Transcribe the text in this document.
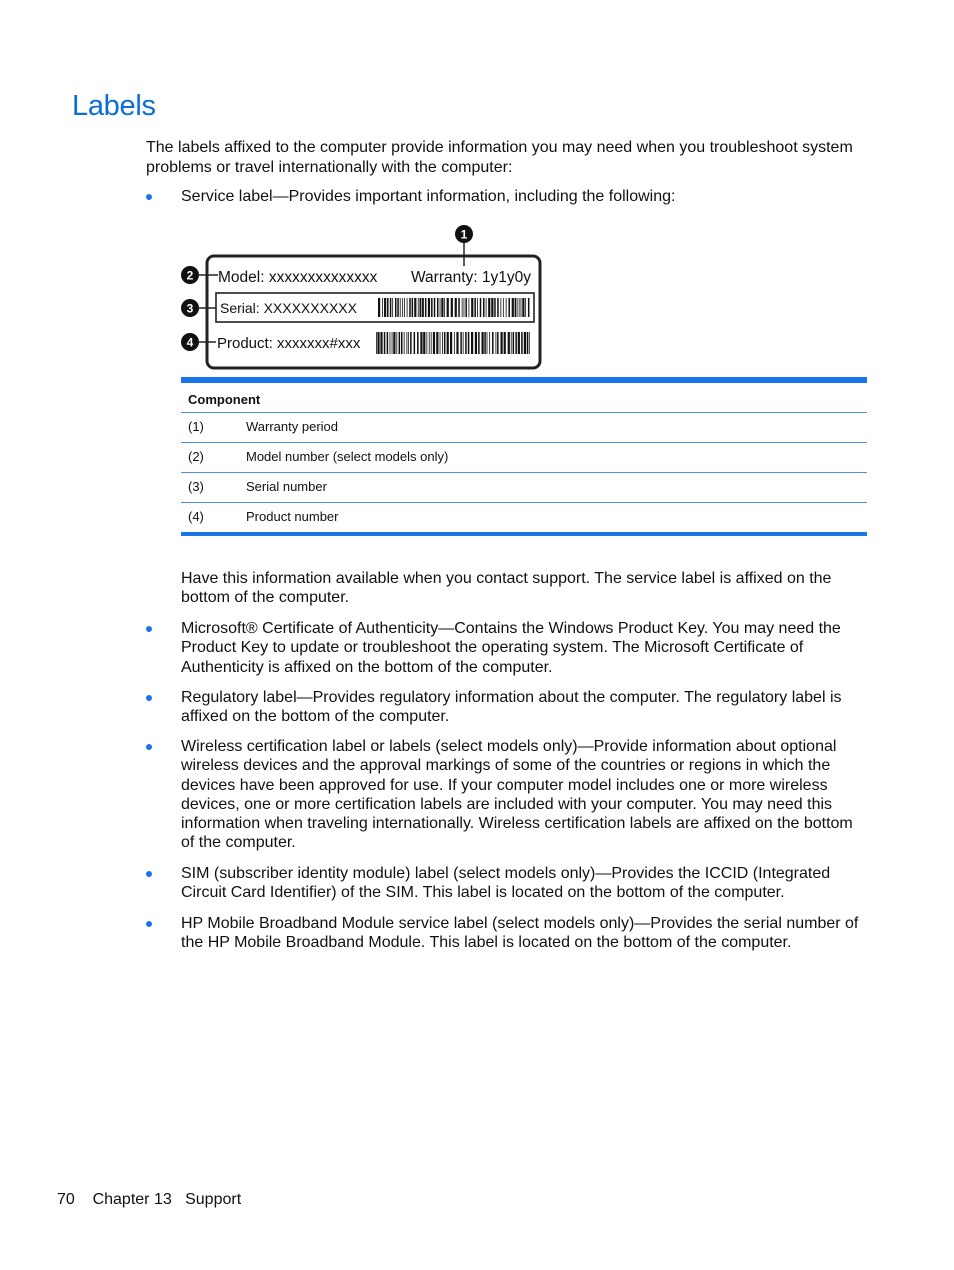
Labels

The labels affixed to the computer provide information you may need when you troubleshoot system problems or travel internationally with the computer:

Service label—Provides important information, including the following:
1
2
3
4
Model: xxxxxxxxxxxxxx Warranty: 1y1y0y
Serial: XXXXXXXXXX
Product: xxxxxxx#xxx
Component
(1)	Warranty period
(2)	Model number (select models only)
(3)	Serial number
(4)	Product number

Have this information available when you contact support. The service label is affixed on the bottom of the computer.

Microsoft® Certificate of Authenticity—Contains the Windows Product Key. You may need the Product Key to update or troubleshoot the operating system. The Microsoft Certificate of Authenticity is affixed on the bottom of the computer.
Regulatory label—Provides regulatory information about the computer. The regulatory label is affixed on the bottom of the computer.
Wireless certification label or labels (select models only)—Provide information about optional wireless devices and the approval markings of some of the countries or regions in which the devices have been approved for use. If your computer model includes one or more wireless devices, one or more certification labels are included with your computer. You may need this information when traveling internationally. Wireless certification labels are affixed on the bottom of the computer.
SIM (subscriber identity module) label (select models only)—Provides the ICCID (Integrated Circuit Card Identifier) of the SIM. This label is located on the bottom of the computer.
HP Mobile Broadband Module service label (select models only)—Provides the serial number of the HP Mobile Broadband Module. This label is located on the bottom of the computer.
70 Chapter 13 Support
